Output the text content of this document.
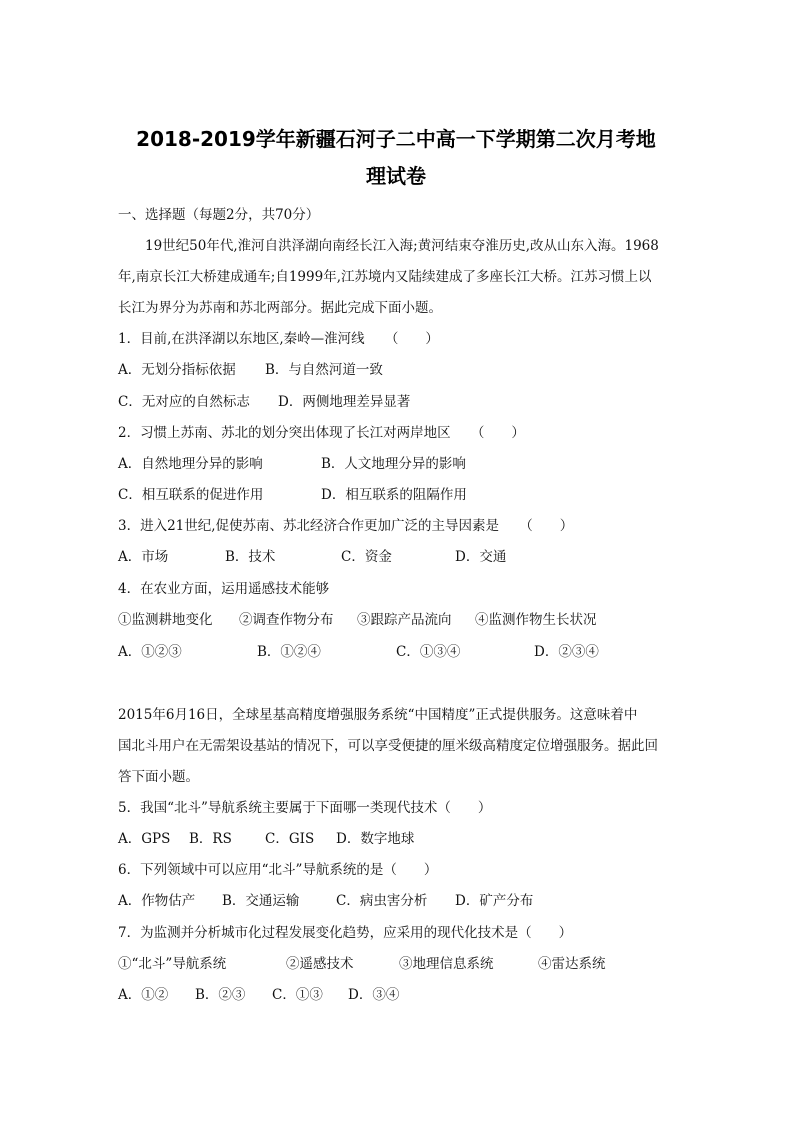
2018-2019学年新疆石河子二中高一下学期第二次月考地
理试卷
一、选择题（每题2分，共70分）
　　19世纪50年代,淮河自洪泽湖向南经长江入海;黄河结束夺淮历史,改从山东入海。1968
年,南京长江大桥建成通车;自1999年,江苏境内又陆续建成了多座长江大桥。江苏习惯上以
长江为界分为苏南和苏北两部分。据此完成下面小题。
1．目前,在洪泽湖以东地区,秦岭—淮河线　　（　　）
A．无划分指标依据 B．与自然河道一致
C．无对应的自然标志 D．两侧地理差异显著
2．习惯上苏南、苏北的划分突出体现了长江对两岸地区　　（　　）
A．自然地理分异的影响	B．人文地理分异的影响
C．相互联系的促进作用	D．相互联系的阻隔作用
3．进入21世纪,促使苏南、苏北经济合作更加广泛的主导因素是　　（　　）
A．市场	B．技术	C．资金	D．交通
4．在农业方面，运用遥感技术能够
①监测耕地变化 ②调查作物分布 ③跟踪产品流向 ④监测作物生长状况
A．①②③	B．①②④	C．①③④	D．②③④
2015年6月16日，全球星基高精度增强服务系统“中国精度”正式提供服务。这意味着中
国北斗用户在无需架设基站的情况下，可以享受便捷的厘米级高精度定位增强服务。据此回
答下面小题。
5．我国“北斗”导航系统主要属于下面哪一类现代技术（　　）
A．GPS B．RS C．GIS D．数字地球
6．下列领域中可以应用“北斗”导航系统的是（　　）
A．作物估产 B．交通运输	C．病虫害分析 D．矿产分布
7．为监测并分析城市化过程发展变化趋势，应采用的现代化技术是（　　）
①“北斗”导航系统	②遥感技术	③地理信息系统	④雷达系统
A．①② B．②③ C．①③ D．③④
